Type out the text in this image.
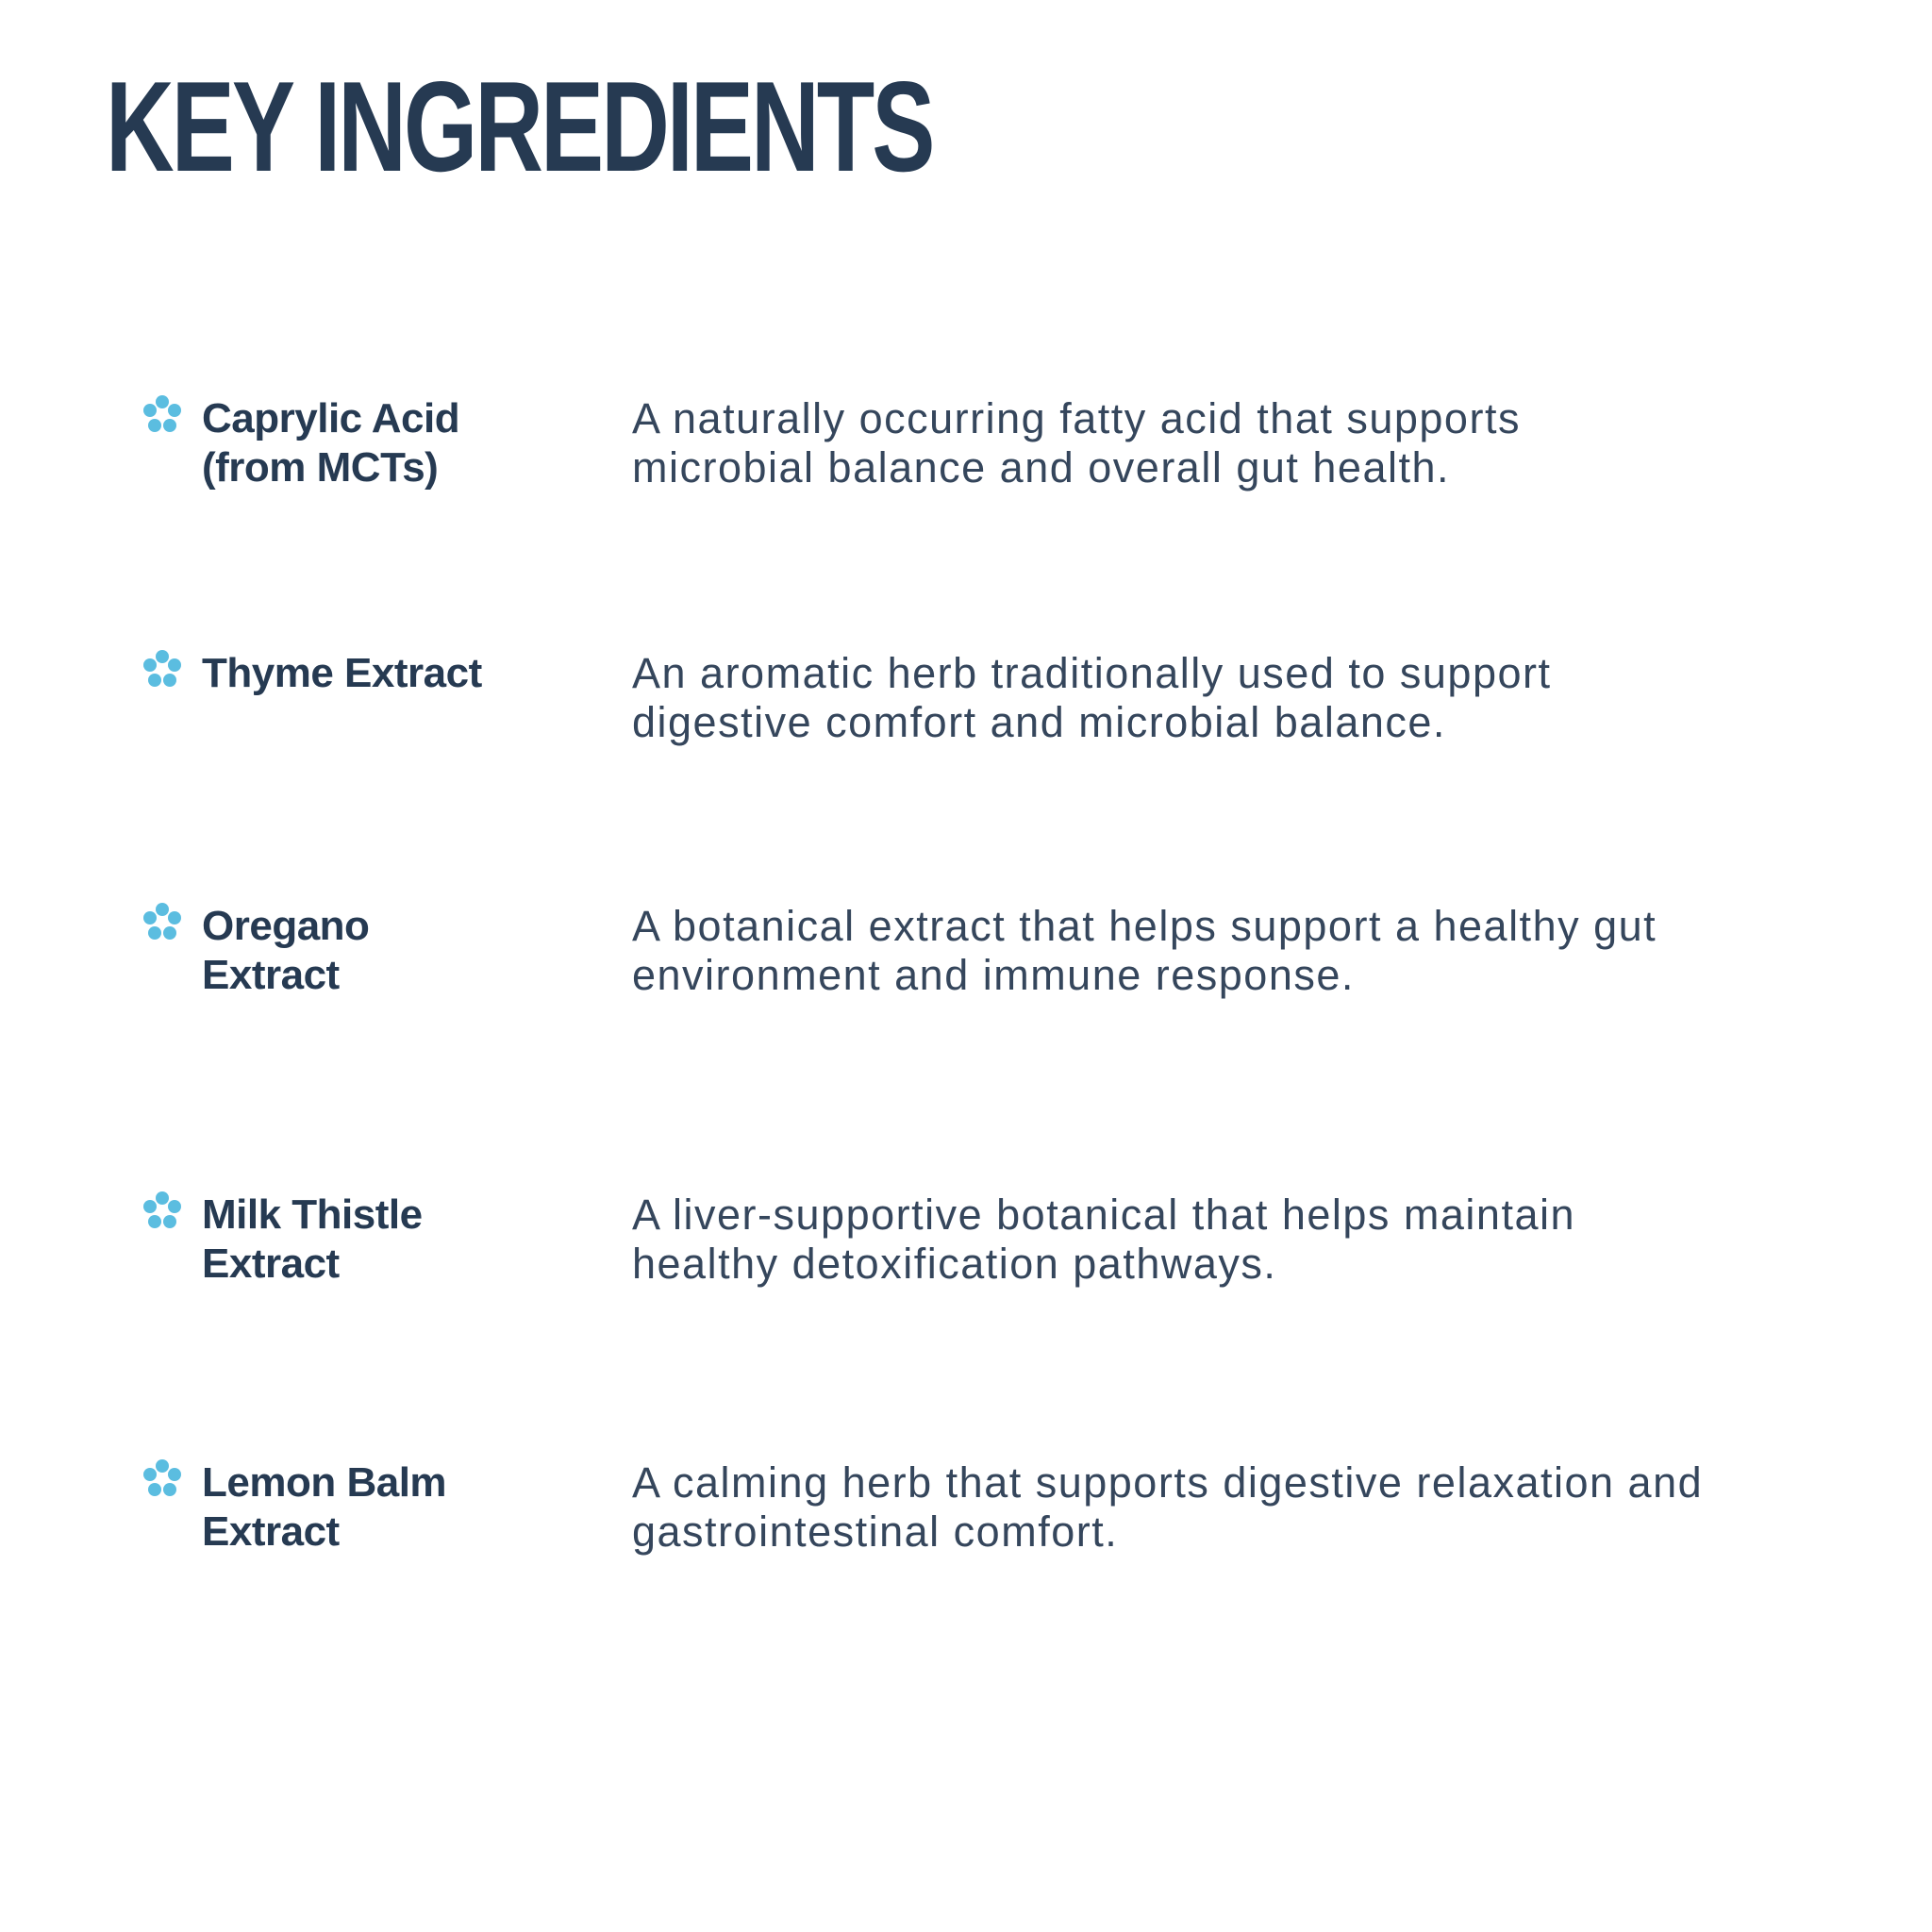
KEY INGREDIENTS
Caprylic Acid (from MCTs)
A naturally occurring fatty acid that supports microbial balance and overall gut health.
Thyme Extract	An aromatic herb traditionally used to support digestive comfort and microbial balance.
Oregano Extract
A botanical extract that helps support a healthy gut environment and immune response.
Milk Thistle Extract
A liver-supportive botanical that helps maintain healthy detoxification pathways.
Lemon Balm Extract
A calming herb that supports digestive relaxation and gastrointestinal comfort.
